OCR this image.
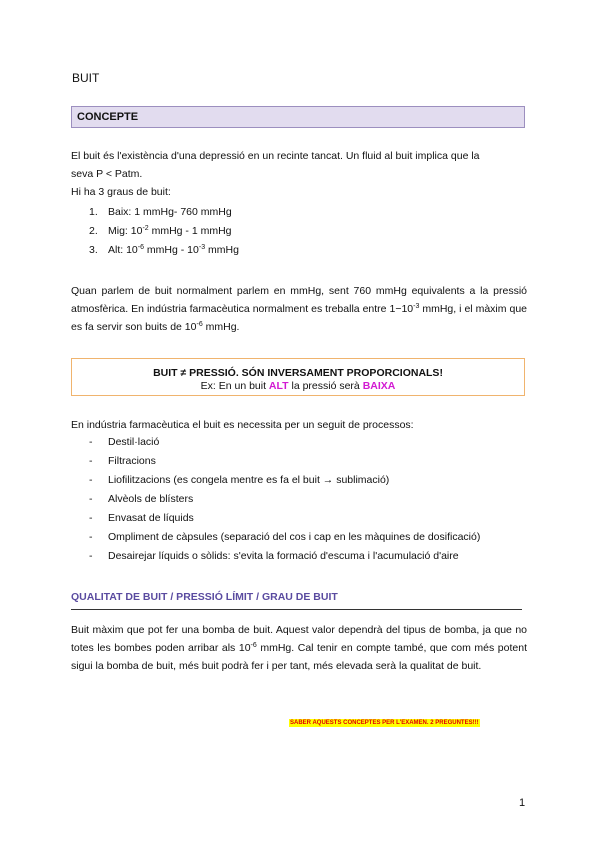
BUIT
CONCEPTE
El buit és l'existència d'una depressió en un recinte tancat. Un fluid al buit implica que la
seva P < Patm.
Hi ha 3 graus de buit:
1. Baix: 1 mmHg- 760 mmHg
2. Mig: $10^{-2}$ mmHg - 1 mmHg
3. Alt: $10^{-6}$ mmHg - $10^{-3}$ mmHg
Quan parlem de buit normalment parlem en mmHg, sent 760 mmHg equivalents a la pressió atmosfèrica. En indústria farmacèutica normalment es treballa entre $1-10^{-3}$ mmHg, i el màxim que es fa servir son buits de $10^{-6}$ mmHg.
BUIT ≠ PRESSIÓ. SÓN INVERSAMENT PROPORCIONALS!
Ex: En un buit ALT la pressió serà BAIXA
En indústria farmacèutica el buit es necessita per un seguit de processos:
- Destil·lació
- Filtracions
- Liofilitzacions (es congela mentre es fa el buit → sublimació)
- Alvèols de blísters
- Envasat de líquids
- Ompliment de càpsules (separació del cos i cap en les màquines de dosificació)
- Desairejar líquids o sòlids: s'evita la formació d'escuma i l'acumulació d'aire
QUALITAT DE BUIT / PRESSIÓ LÍMIT / GRAU DE BUIT
Buit màxim que pot fer una bomba de buit. Aquest valor dependrà del tipus de bomba, ja que no totes les bombes poden arribar als $10^{-6}$ mmHg. Cal tenir en compte també, que com més potent sigui la bomba de buit, més buit podrà fer i per tant, més elevada serà la qualitat de buit.
SABER AQUESTS CONCEPTES PER L'EXAMEN. 2 PREGUNTES!!!
1
